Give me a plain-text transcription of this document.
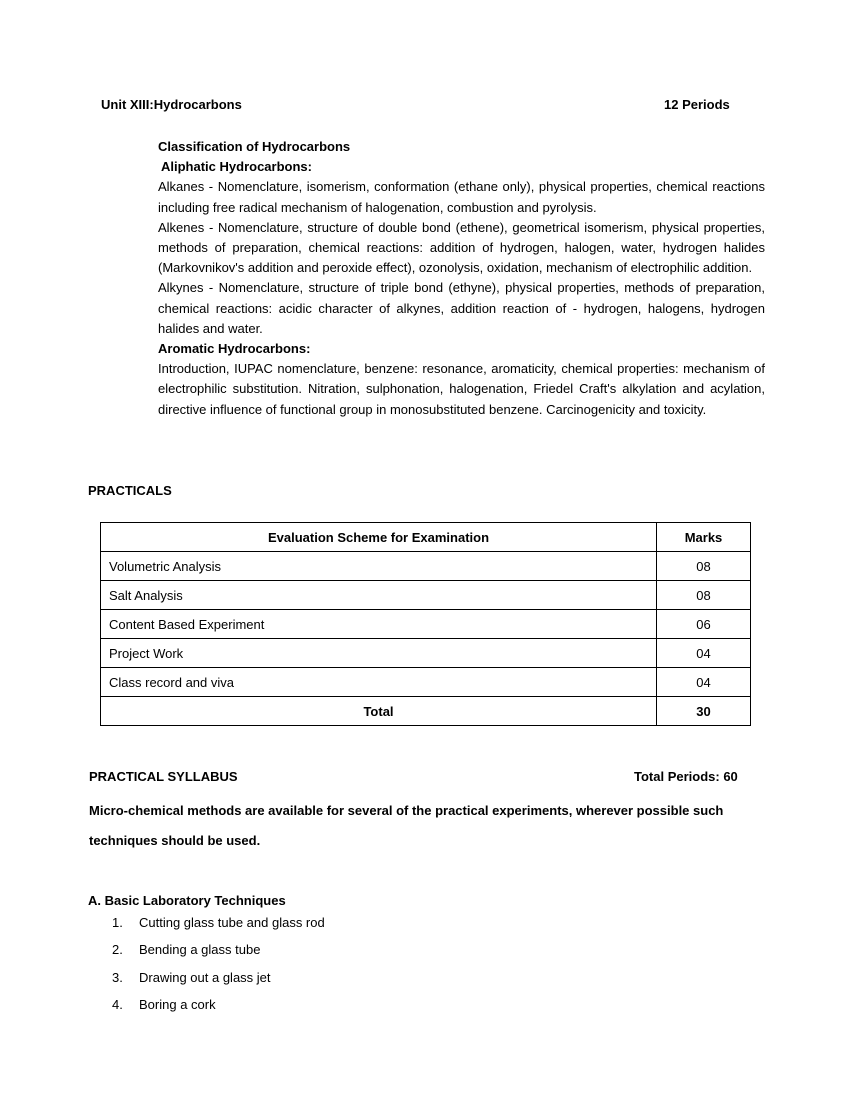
Unit XIII:Hydrocarbons	12 Periods

Classification of Hydrocarbons

Aliphatic Hydrocarbons:

Alkanes - Nomenclature, isomerism, conformation (ethane only), physical properties, chemical reactions including free radical mechanism of halogenation, combustion and pyrolysis.

Alkenes - Nomenclature, structure of double bond (ethene), geometrical isomerism, physical properties, methods of preparation, chemical reactions: addition of hydrogen, halogen, water, hydrogen halides (Markovnikov's addition and peroxide effect), ozonolysis, oxidation, mechanism of electrophilic addition.

Alkynes - Nomenclature, structure of triple bond (ethyne), physical properties, methods of preparation, chemical reactions: acidic character of alkynes, addition reaction of - hydrogen, halogens, hydrogen halides and water.

Aromatic Hydrocarbons:

Introduction, IUPAC nomenclature, benzene: resonance, aromaticity, chemical properties: mechanism of electrophilic substitution. Nitration, sulphonation, halogenation, Friedel Craft's alkylation and acylation, directive influence of functional group in monosubstituted benzene. Carcinogenicity and toxicity.

PRACTICALS
Evaluation Scheme for Examination	Marks
Volumetric Analysis	08
Salt Analysis	08
Content Based Experiment	06
Project Work	04
Class record and viva	04
Total	30
PRACTICAL SYLLABUS	Total Periods: 60
Micro-chemical methods are available for several of the practical experiments, wherever possible such techniques should be used.
A. Basic Laboratory Techniques
1. Cutting glass tube and glass rod
2. Bending a glass tube
3. Drawing out a glass jet
4. Boring a cork
